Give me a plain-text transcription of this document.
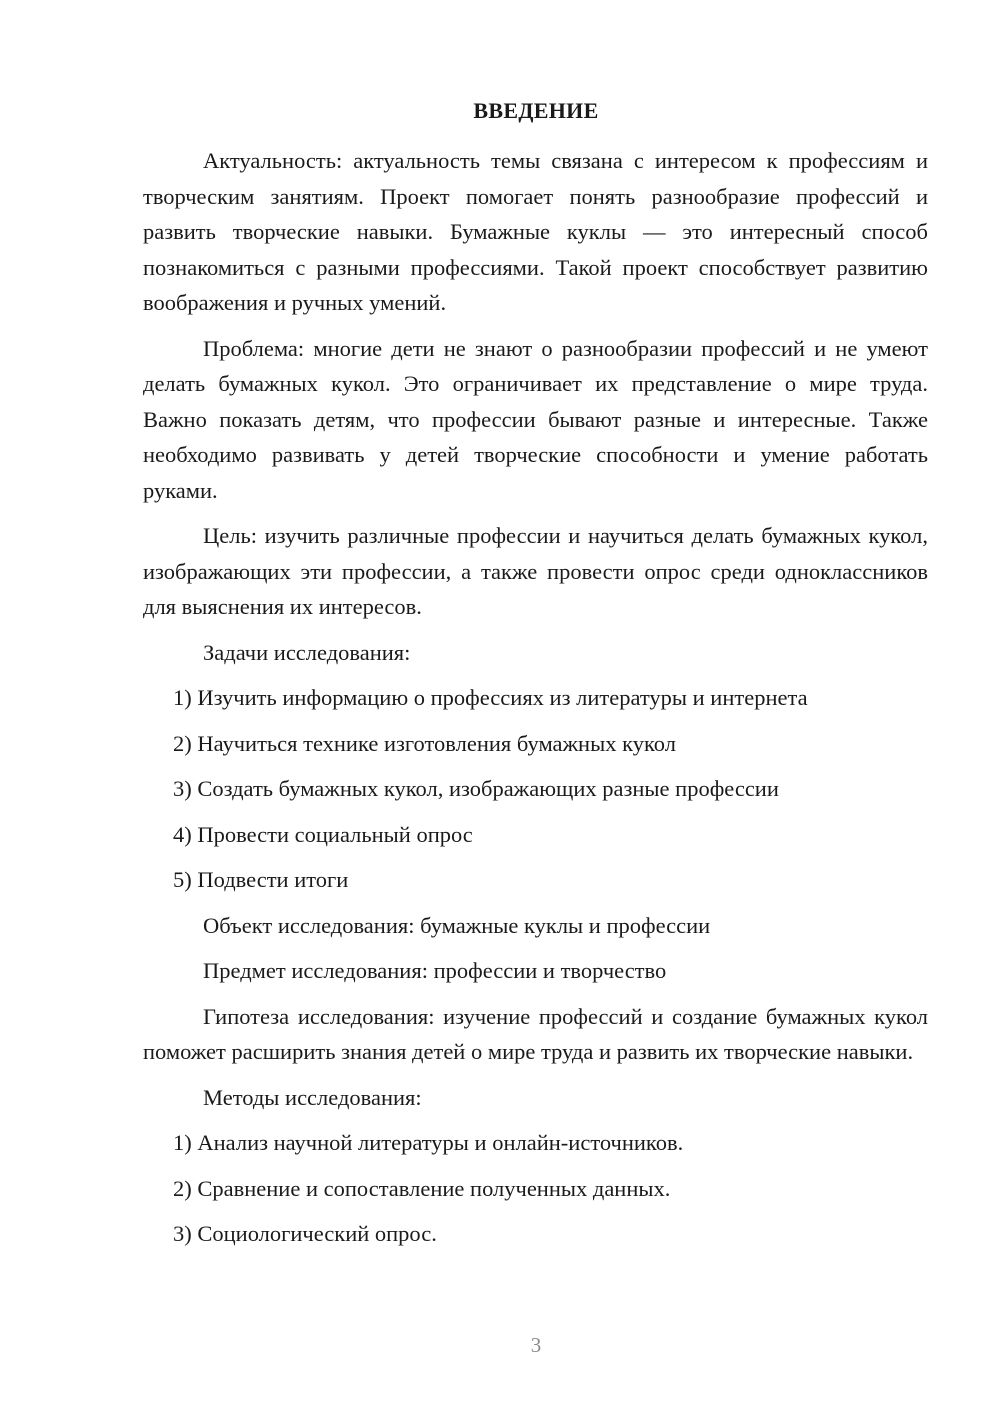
ВВЕДЕНИЕ

Актуальность: актуальность темы связана с интересом к профессиям и творческим занятиям. Проект помогает понять разнообразие профессий и развить творческие навыки. Бумажные куклы — это интересный способ познакомиться с разными профессиями. Такой проект способствует развитию воображения и ручных умений.

Проблема: многие дети не знают о разнообразии профессий и не умеют делать бумажных кукол. Это ограничивает их представление о мире труда. Важно показать детям, что профессии бывают разные и интересные. Также необходимо развивать у детей творческие способности и умение работать руками.

Цель: изучить различные профессии и научиться делать бумажных кукол, изображающих эти профессии, а также провести опрос среди одноклассников для выяснения их интересов.

Задачи исследования:

1) Изучить информацию о профессиях из литературы и интернета
2) Научиться технике изготовления бумажных кукол
3) Создать бумажных кукол, изображающих разные профессии
4) Провести социальный опрос
5) Подвести итоги

Объект исследования: бумажные куклы и профессии

Предмет исследования: профессии и творчество

Гипотеза исследования: изучение профессий и создание бумажных кукол поможет расширить знания детей о мире труда и развить их творческие навыки.

Методы исследования:

1) Анализ научной литературы и онлайн-источников.
2) Сравнение и сопоставление полученных данных.
3) Социологический опрос.
3
